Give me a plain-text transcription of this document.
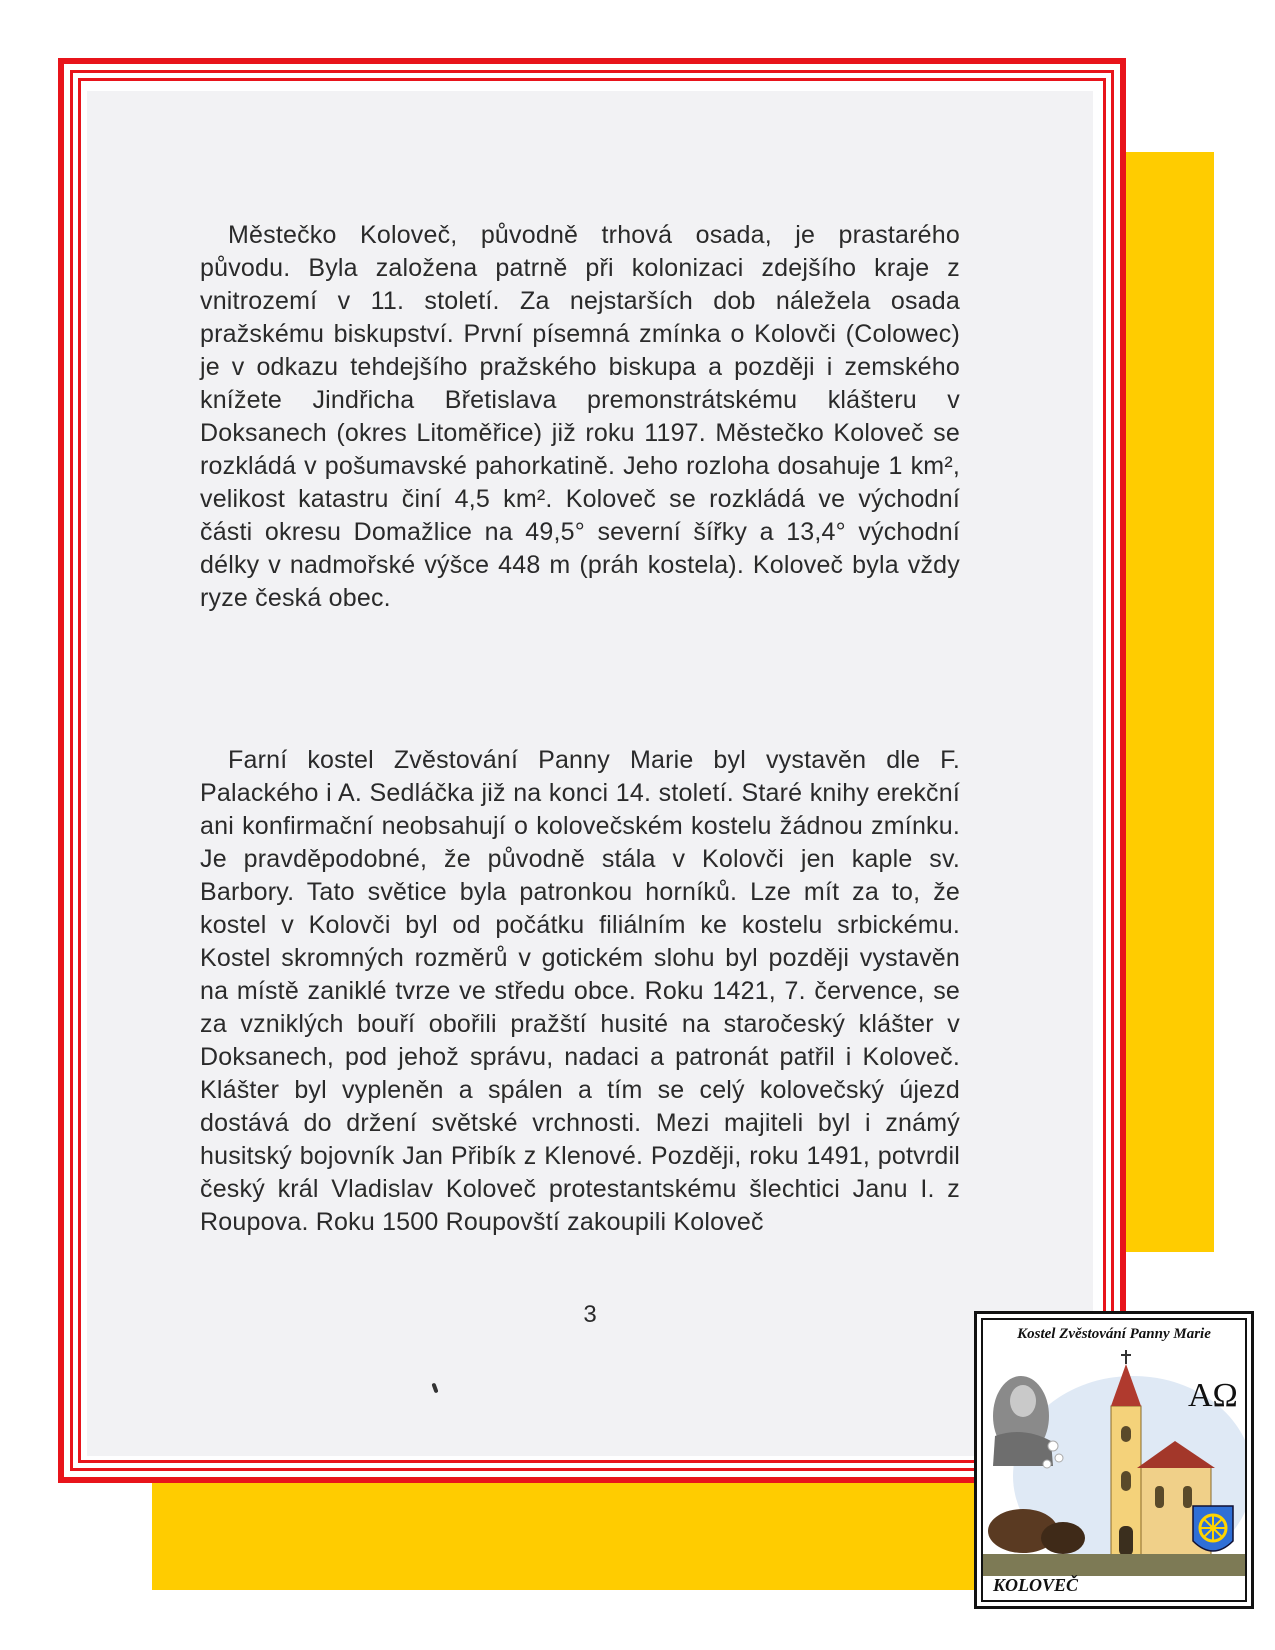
Městečko Koloveč, původně trhová osada, je prastarého původu. Byla založena patrně při kolonizaci zdejšího kraje z vnitrozemí v 11. století. Za nejstarších dob náležela osada pražskému biskupství. První písemná zmínka o Kolovči (Colowec) je v odkazu tehdejšího pražského biskupa a později i zemského knížete Jindřicha Břetislava premonstrátskému klášteru v Doksanech (okres Litoměřice) již roku 1197. Městečko Koloveč se rozkládá v pošumavské pahorkatině. Jeho rozloha dosahuje 1 km², velikost katastru činí 4,5 km². Koloveč se rozkládá ve východní části okresu Domažlice na 49,5° severní šířky a 13,4° východní délky v nadmořské výšce 448 m (práh kostela). Koloveč byla vždy ryze česká obec.

Farní kostel Zvěstování Panny Marie byl vystavěn dle F. Palackého i A. Sedláčka již na konci 14. století. Staré knihy erekční ani konfirmační neobsahují o kolovečském kostelu žádnou zmínku. Je pravděpodobné, že původně stála v Kolovči jen kaple sv. Barbory. Tato světice byla patronkou horníků. Lze mít za to, že kostel v Kolovči byl od počátku filiálním ke kostelu srbickému. Kostel skromných rozměrů v gotickém slohu byl později vystavěn na místě zaniklé tvrze ve středu obce. Roku 1421, 7. července, se za vzniklých bouří obořili pražští husité na staročeský klášter v Doksanech, pod jehož správu, nadaci a patronát patřil i Koloveč. Klášter byl vypleněn a spálen a tím se celý kolovečský újezd dostává do držení světské vrchnosti. Mezi majiteli byl i známý husitský bojovník Jan Přibík z Klenové. Později, roku 1491, potvrdil český král Vladislav Koloveč protestantskému šlechtici Janu I. z Roupova. Roku 1500 Roupovští zakoupili Koloveč

3
Kostel Zvěstování Panny Marie
AΩ
KOLOVEČ
